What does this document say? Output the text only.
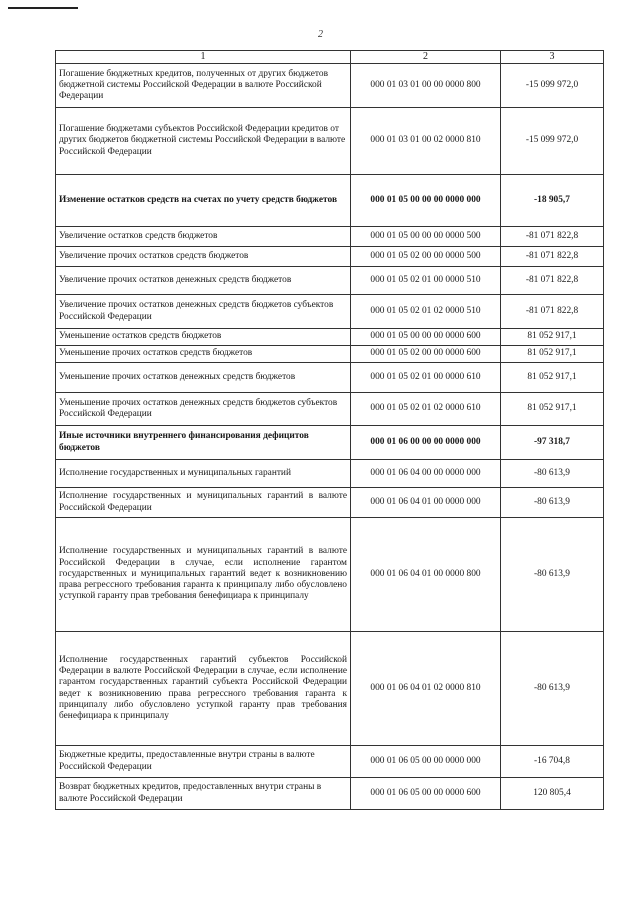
2
1	2	3
Погашение бюджетных кредитов, полученных от других бюджетов бюджетной системы Российской Федерации в валюте Российской Федерации	000 01 03 01 00 00 0000 800	-15 099 972,0
Погашение бюджетами субъектов Российской Федерации кредитов от других бюджетов бюджетной системы Российской Федерации в валюте Российской Федерации	000 01 03 01 00 02 0000 810	-15 099 972,0
Изменение остатков средств на счетах по учету средств бюджетов	000 01 05 00 00 00 0000 000	-18 905,7
Увеличение остатков средств бюджетов	000 01 05 00 00 00 0000 500	-81 071 822,8
Увеличение прочих остатков средств бюджетов	000 01 05 02 00 00 0000 500	-81 071 822,8
Увеличение прочих остатков денежных средств бюджетов	000 01 05 02 01 00 0000 510	-81 071 822,8
Увеличение прочих остатков денежных средств бюджетов субъектов Российской Федерации	000 01 05 02 01 02 0000 510	-81 071 822,8
Уменьшение остатков средств бюджетов	000 01 05 00 00 00 0000 600	81 052 917,1
Уменьшение прочих остатков средств бюджетов	000 01 05 02 00 00 0000 600	81 052 917,1
Уменьшение прочих остатков денежных средств бюджетов	000 01 05 02 01 00 0000 610	81 052 917,1
Уменьшение прочих остатков денежных средств бюджетов субъектов Российской Федерации	000 01 05 02 01 02 0000 610	81 052 917,1
Иные источники внутреннего финансирования дефицитов бюджетов	000 01 06 00 00 00 0000 000	-97 318,7
Исполнение государственных и муниципальных гарантий	000 01 06 04 00 00 0000 000	-80 613,9
Исполнение государственных и муниципальных гарантий в валюте Российской Федерации	000 01 06 04 01 00 0000 000	-80 613,9
Исполнение государственных и муниципальных гарантий в валюте Российской Федерации в случае, если исполнение гарантом государственных и муниципальных гарантий ведет к возникновению права регрессного требования гаранта к принципалу либо обусловлено уступкой гаранту прав требования бенефициара к принципалу	000 01 06 04 01 00 0000 800	-80 613,9
Исполнение государственных гарантий субъектов Российской Федерации в валюте Российской Федерации в случае, если исполнение гарантом государственных гарантий субъекта Российской Федерации ведет к возникновению права регрессного требования гаранта к принципалу либо обусловлено уступкой гаранту прав требования бенефициара к принципалу	000 01 06 04 01 02 0000 810	-80 613,9
Бюджетные кредиты, предоставленные внутри страны в валюте Российской Федерации	000 01 06 05 00 00 0000 000	-16 704,8
Возврат бюджетных кредитов, предоставленных внутри страны в валюте Российской Федерации	000 01 06 05 00 00 0000 600	120 805,4
